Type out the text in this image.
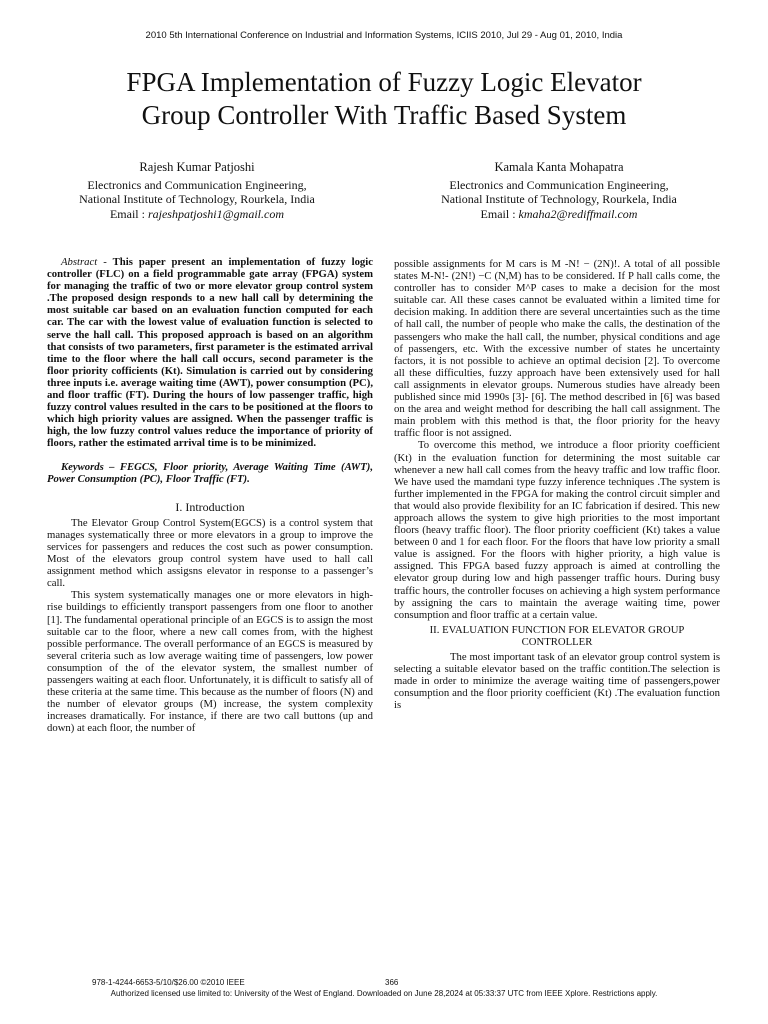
2010 5th International Conference on Industrial and Information Systems, ICIIS 2010, Jul 29 - Aug 01, 2010, India
FPGA Implementation of Fuzzy Logic Elevator
Group Controller With Traffic Based System
Rajesh Kumar Patjoshi
Electronics and Communication Engineering,
National Institute of Technology, Rourkela, India
Email : rajeshpatjoshi1@gmail.com
Kamala Kanta Mohapatra
Electronics and Communication Engineering,
National Institute of Technology, Rourkela, India
Email : kmaha2@rediffmail.com

Abstract - This paper present an implementation of fuzzy logic controller (FLC) on a field programmable gate array (FPGA) system for managing the traffic of two or more elevator group control system .The proposed design responds to a new hall call by determining the most suitable car based on an evaluation function computed for each car. The car with the lowest value of evaluation function is selected to serve the hall call. This proposed approach is based on an algorithm that consists of two parameters, first parameter is the estimated arrival time to the floor where the hall call occurs, second parameter is the floor priority cofficients (Kt). Simulation is carried out by considering three inputs i.e. average waiting time (AWT), power consumption (PC), and floor traffic (FT). During the hours of low passenger traffic, high fuzzy control values resulted in the cars to be positioned at the floors to which high priority values are assigned. When the passenger traffic is high, the low fuzzy control values reduce the importance of priority of floors, rather the estimated arrival time is to be minimized.

Keywords – FEGCS, Floor priority, Average Waiting Time (AWT), Power Consumption (PC), Floor Traffic (FT).

I. Introduction

The Elevator Group Control System(EGCS) is a control system that manages systematically three or more elevators in a group to improve the services for passengers and reduces the cost such as power consumption. Most of the elevators group control system have used to hall call assignment method which assigsns elevator in response to a passenger’s call.

This system systematically manages one or more elevators in high-rise buildings to efficiently transport passengers from one floor to another [1]. The fundamental operational principle of an EGCS is to assign the most suitable car to the floor, where a new call comes from, with the highest possible performance. The overall performance of an EGCS is measured by several criteria such as low average waiting time of passengers, low power consumption of the of the elevator system, the smallest number of passengers waiting at each floor. Unfortunately, it is difficult to satisfy all of these criteria at the same time. This because as the number of floors (N) and the number of elevator groups (M) increase, the system complexity increases dramatically. For instance, if there are two call buttons (up and down) at each floor, the number of

possible assignments for M cars is M -N! − (2N)!. A total of all possible states M-N!- (2N!) −C (N,M) has to be considered. If P hall calls come, the controller has to consider M^P cases to make a decision for the most suitable car. All these cases cannot be evaluated within a limited time for decision making. In addition there are several uncertainties such as the time of hall call, the number of people who make the calls, the destination of the passengers who make the hall call, the number, physical conditions and age of passengers, etc. With the excessive number of states he uncertainty factors, it is not possible to achieve an optimal decision [2]. To overcome all these difficulties, fuzzy approach have been extensively used for hall call assignments in elevator groups. Numerous studies have already been published since mid 1990s [3]- [6]. The method described in [6] was based on the area and weight method for describing the hall call assignment. The main problem with this method is that, the floor priority for the heavy traffic floor is not assigned.

To overcome this method, we introduce a floor priority coefficient (Kt) in the evaluation function for determining the most suitable car whenever a new hall call comes from the heavy traffic and low traffic floor. We have used the mamdani type fuzzy inference techniques .The system is further implemented in the FPGA for making the control circuit simpler and that would also provide flexibility for an IC fabrication if desired. This new approach allows the system to give high priorities to the most important floors (heavy traffic floor). The floor priority coefficient (Kt) takes a value between 0 and 1 for each floor. For the floors that have low priority a small value is assigned. For the floors with higher priority, a high value is assigned. This FPGA based fuzzy approach is aimed at controlling the elevator group during low and high passenger traffic hours. During busy traffic hours, the controller focuses on achieving a high system performance by assigning the cars to maintain the average waiting time, power consumption and floor traffic at a certain value.

II. EVALUATION FUNCTION FOR ELEVATOR GROUP CONTROLLER

The most important task of an elevator group control system is selecting a suitable elevator based on the traffic contition.The selection is made in order to minimize the average waiting time of passengers,power consumption and the floor priority coefficient (Kt) .The evaluation function is

978-1-4244-6653-5/10/$26.00 ©2010 IEEE	366
Authorized licensed use limited to: University of the West of England. Downloaded on June 28,2024 at 05:33:37 UTC from IEEE Xplore. Restrictions apply.
